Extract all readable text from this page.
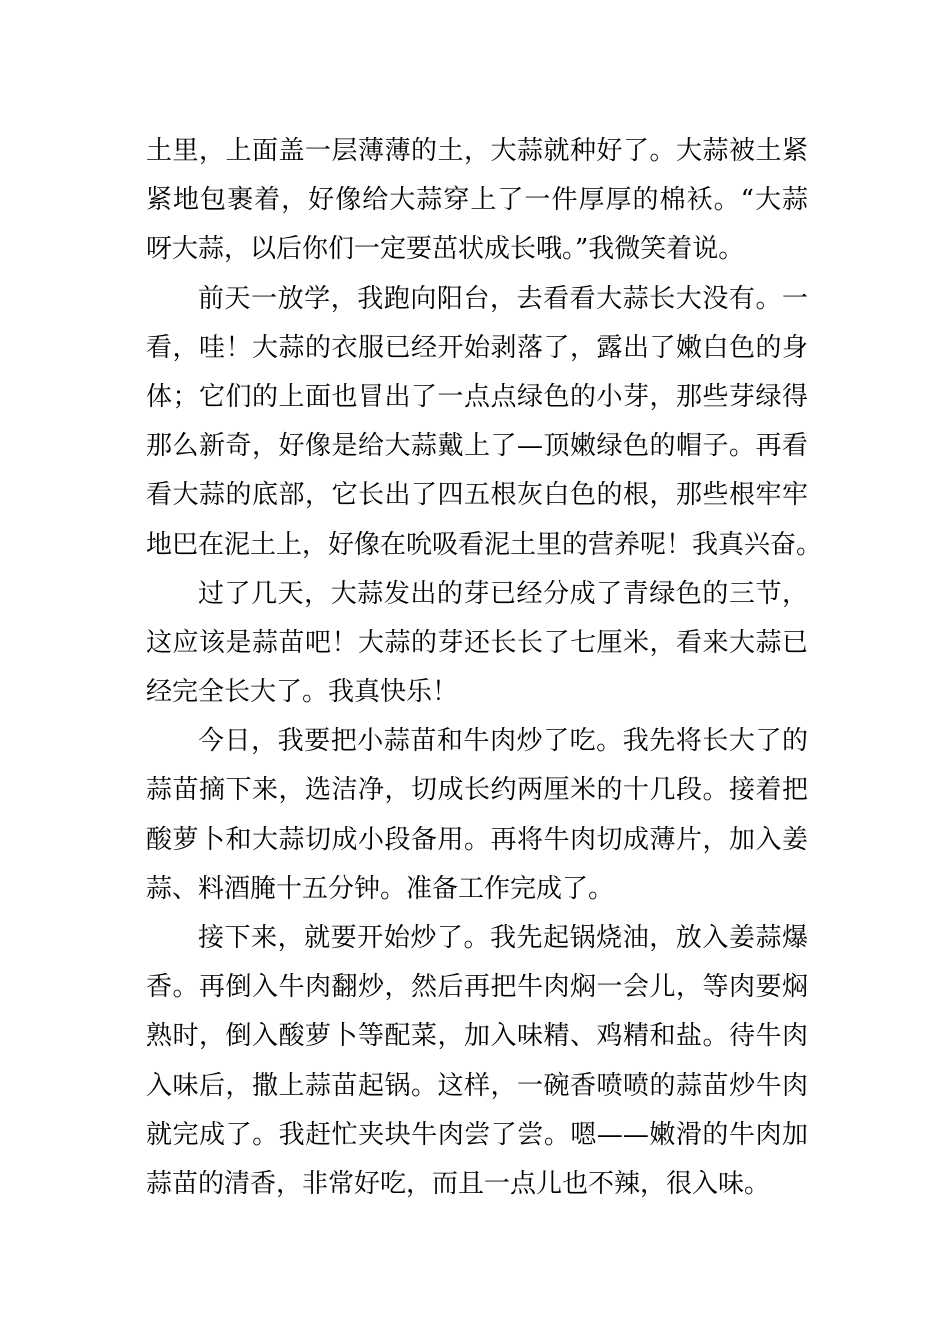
土里，上面盖一层薄薄的土，大蒜就种好了。大蒜被土紧
紧地包裹着，好像给大蒜穿上了一件厚厚的棉袄。“大蒜
呀大蒜，以后你们一定要茁状成长哦。”我微笑着说。
前天一放学，我跑向阳台，去看看大蒜长大没有。一
看，哇！大蒜的衣服已经开始剥落了，露出了嫩白色的身
体；它们的上面也冒出了一点点绿色的小芽，那些芽绿得
那么新奇，好像是给大蒜戴上了—顶嫩绿色的帽子。再看
看大蒜的底部，它长出了四五根灰白色的根，那些根牢牢
地巴在泥土上，好像在吮吸看泥土里的营养呢！我真兴奋。
过了几天，大蒜发出的芽已经分成了青绿色的三节，
这应该是蒜苗吧！大蒜的芽还长长了七厘米，看来大蒜已
经完全长大了。我真快乐！
今日，我要把小蒜苗和牛肉炒了吃。我先将长大了的
蒜苗摘下来，选洁净，切成长约两厘米的十几段。接着把
酸萝卜和大蒜切成小段备用。再将牛肉切成薄片，加入姜
蒜、料酒腌十五分钟。准备工作完成了。
接下来，就要开始炒了。我先起锅烧油，放入姜蒜爆
香。再倒入牛肉翻炒，然后再把牛肉焖一会儿，等肉要焖
熟时，倒入酸萝卜等配菜，加入味精、鸡精和盐。待牛肉
入味后，撒上蒜苗起锅。这样，一碗香喷喷的蒜苗炒牛肉
就完成了。我赶忙夹块牛肉尝了尝。嗯——嫩滑的牛肉加
蒜苗的清香，非常好吃，而且一点儿也不辣，很入味。
